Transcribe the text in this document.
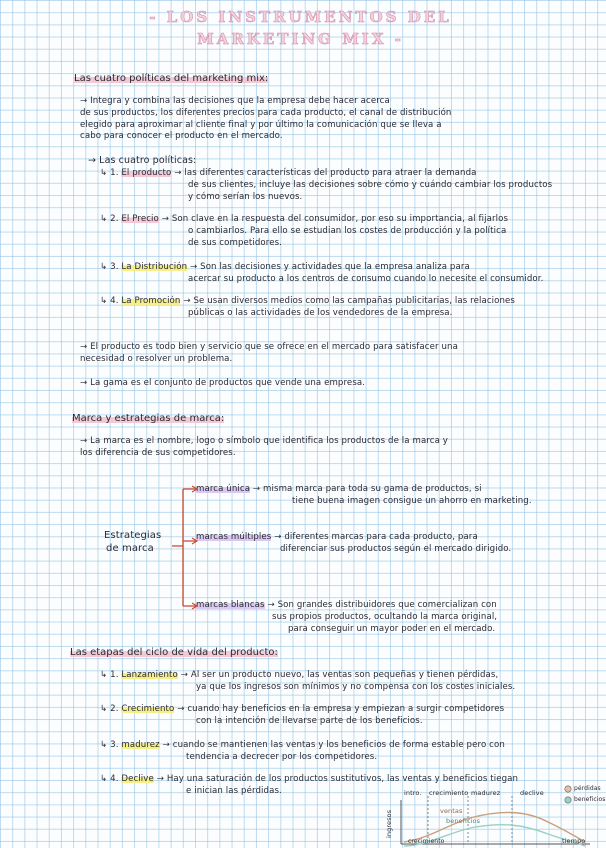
- LOS INSTRUMENTOS DEL
MARKETING MIX -
Las cuatro políticas del marketing mix:
→ Integra y combina las decisiones que la empresa debe hacer acerca
de sus productos, los diferentes precios para cada producto, el canal de distribución
elegido para aproximar al cliente final y por último la comunicación que se lleva a
cabo para conocer el producto en el mercado.
→ Las cuatro políticas:
↳ 1. El producto → las diferentes características del producto para atraer la demanda
de sus clientes, incluye las decisiones sobre cómo y cuándo cambiar los productos
y cómo serían los nuevos.
↳ 2. El Precio → Son clave en la respuesta del consumidor, por eso su importancia, al fijarlos
o cambiarlos. Para ello se estudian los costes de producción y la política
de sus competidores.
↳ 3. La Distribución → Son las decisiones y actividades que la empresa analiza para
acercar su producto a los centros de consumo cuando lo necesite el consumidor.
↳ 4. La Promoción → Se usan diversos medios como las campañas publicitarias, las relaciones
públicas o las actividades de los vendedores de la empresa.
→ El producto es todo bien y servicio que se ofrece en el mercado para satisfacer una
necesidad o resolver un problema.
→ La gama es el conjunto de productos que vende una empresa.
Marca y estrategias de marca:
→ La marca es el nombre, logo o símbolo que identifica los productos de la marca y
los diferencia de sus competidores.
Estrategias
de marca
marca única → misma marca para toda su gama de productos, si
tiene buena imagen consigue un ahorro en marketing.
marcas múltiples → diferentes marcas para cada producto, para
diferenciar sus productos según el mercado dirigido.
marcas blancas → Son grandes distribuidores que comercializan con
sus propios productos, ocultando la marca original,
para conseguir un mayor poder en el mercado.
Las etapas del ciclo de vida del producto:
↳ 1. Lanzamiento → Al ser un producto nuevo, las ventas son pequeñas y tienen pérdidas,
ya que los ingresos son mínimos y no compensa con los costes iniciales.
↳ 2. Crecimiento → cuando hay beneficios en la empresa y empiezan a surgir competidores
con la intención de llevarse parte de los beneficios.
↳ 3. madurez → cuando se mantienen las ventas y los beneficios de forma estable pero con
tendencia a decrecer por los competidores.
↳ 4. Declive → Hay una saturación de los productos sustitutivos, las ventas y beneficios tiegan
e inician las pérdidas.	intro. crecimiento madurez	declive
ventas
beneficios
pérdidas
beneficios
ingresos
tiempo
crecimiento
